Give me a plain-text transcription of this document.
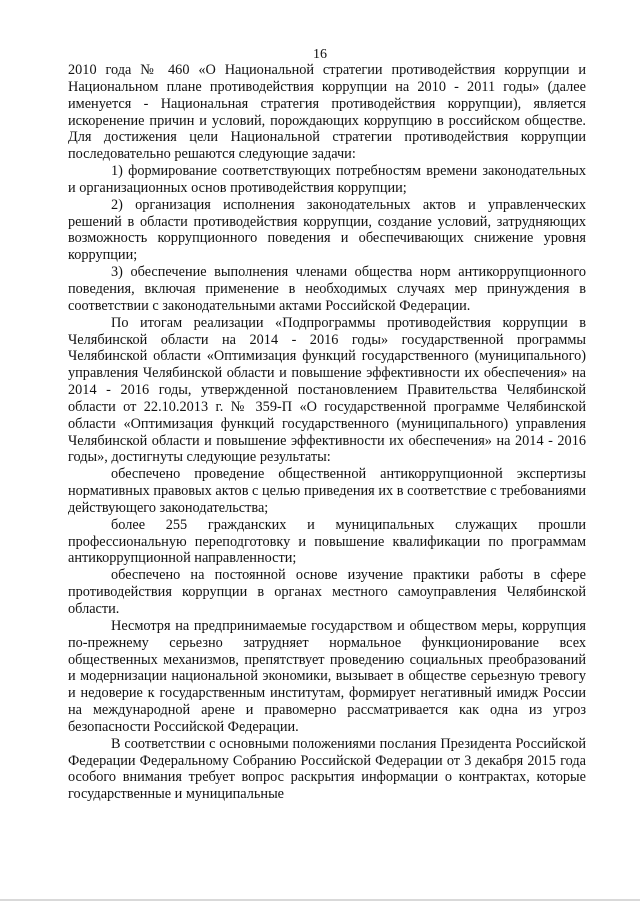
16

2010 года № 460 «О Национальной стратегии противодействия коррупции и Национальном плане противодействия коррупции на 2010 - 2011 годы» (далее именуется - Национальная стратегия противодействия коррупции), является искоренение причин и условий, порождающих коррупцию в российском обществе. Для достижения цели Национальной стратегии противодействия коррупции последовательно решаются следующие задачи:

1) формирование соответствующих потребностям времени законодательных и организационных основ противодействия коррупции;

2) организация исполнения законодательных актов и управленческих решений в области противодействия коррупции, создание условий, затрудняющих возможность коррупционного поведения и обеспечивающих снижение уровня коррупции;

3) обеспечение выполнения членами общества норм антикоррупционного поведения, включая применение в необходимых случаях мер принуждения в соответствии с законодательными актами Российской Федерации.

По итогам реализации «Подпрограммы противодействия коррупции в Челябинской области на 2014 - 2016 годы» государственной программы Челябинской области «Оптимизация функций государственного (муниципального) управления Челябинской области и повышение эффективности их обеспечения» на 2014 - 2016 годы, утвержденной постановлением Правительства Челябинской области от 22.10.2013 г. № 359-П «О государственной программе Челябинской области «Оптимизация функций государственного (муниципального) управления Челябинской области и повышение эффективности их обеспечения» на 2014 - 2016 годы», достигнуты следующие результаты:

обеспечено проведение общественной антикоррупционной экспертизы нормативных правовых актов с целью приведения их в соответствие с требованиями действующего законодательства;

более 255 гражданских и муниципальных служащих прошли профессиональную переподготовку и повышение квалификации по программам антикоррупционной направленности;

обеспечено на постоянной основе изучение практики работы в сфере противодействия коррупции в органах местного самоуправления Челябинской области.

Несмотря на предпринимаемые государством и обществом меры, коррупция по-прежнему серьезно затрудняет нормальное функционирование всех общественных механизмов, препятствует проведению социальных преобразований и модернизации национальной экономики, вызывает в обществе серьезную тревогу и недоверие к государственным институтам, формирует негативный имидж России на международной арене и правомерно рассматривается как одна из угроз безопасности Российской Федерации.

В соответствии с основными положениями послания Президента Российской Федерации Федеральному Собранию Российской Федерации от 3 декабря 2015 года особого внимания требует вопрос раскрытия информации о контрактах, которые государственные и муниципальные
